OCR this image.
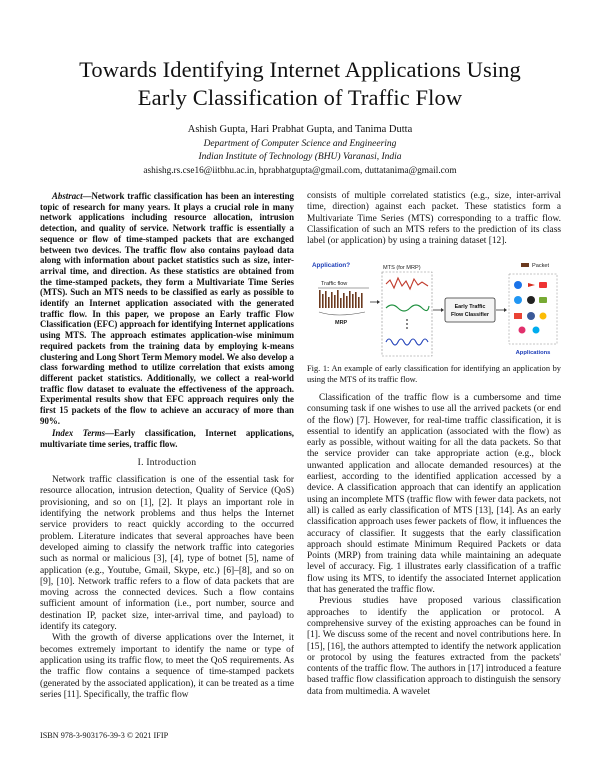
Towards Identifying Internet Applications Using
Early Classification of Traffic Flow
Ashish Gupta, Hari Prabhat Gupta, and Tanima Dutta
Department of Computer Science and Engineering
Indian Institute of Technology (BHU) Varanasi, India
ashishg.rs.cse16@iitbhu.ac.in, hprabhatgupta@gmail.com, duttatanima@gmail.com

Abstract—Network traffic classification has been an interesting topic of research for many years. It plays a crucial role in many network applications including resource allocation, intrusion detection, and quality of service. Network traffic is essentially a sequence or flow of time-stamped packets that are exchanged between two devices. The traffic flow also contains payload data along with information about packet statistics such as size, inter-arrival time, and direction. As these statistics are obtained from the time-stamped packets, they form a Multivariate Time Series (MTS). Such an MTS needs to be classified as early as possible to identify an Internet application associated with the generated traffic flow. In this paper, we propose an Early traffic Flow Classification (EFC) approach for identifying Internet applications using MTS. The approach estimates application-wise minimum required packets from the training data by employing k-means clustering and Long Short Term Memory model. We also develop a class forwarding method to utilize correlation that exists among different packet statistics. Additionally, we collect a real-world traffic flow dataset to evaluate the effectiveness of the approach. Experimental results show that EFC approach requires only the first 15 packets of the flow to achieve an accuracy of more than 90%.

Index Terms—Early classification, Internet applications, multivariate time series, traffic flow.

I. Introduction

Network traffic classification is one of the essential task for resource allocation, intrusion detection, Quality of Service (QoS) provisioning, and so on [1], [2]. It plays an important role in identifying the network problems and thus helps the Internet service providers to react quickly according to the occurred problem. Literature indicates that several approaches have been developed aiming to classify the network traffic into categories such as normal or malicious [3], [4], type of botnet [5], name of application (e.g., Youtube, Gmail, Skype, etc.) [6]–[8], and so on [9], [10]. Network traffic refers to a flow of data packets that are moving across the connected devices. Such a flow contains sufficient amount of information (i.e., port number, source and destination IP, packet size, inter-arrival time, and payload) to identify its category.

With the growth of diverse applications over the Internet, it becomes extremely important to identify the name or type of application using its traffic flow, to meet the QoS requirements. As the traffic flow contains a sequence of time-stamped packets (generated by the associated application), it can be treated as a time series [11]. Specifically, the traffic flow

consists of multiple correlated statistics (e.g., size, inter-arrival time, direction) against each packet. These statistics form a Multivariate Time Series (MTS) corresponding to a traffic flow. Classification of such an MTS refers to the prediction of its class label (or application) by using a training dataset [12].

Application?
Traffic flow
MRP
MTS (for MRP)
Early Traffic
Flow Classifier
Packet
Applications
Fig. 1: An example of early classification for identifying an application by using the MTS of its traffic flow.

Classification of the traffic flow is a cumbersome and time consuming task if one wishes to use all the arrived packets (or end of the flow) [7]. However, for real-time traffic classification, it is essential to identify an application (associated with the flow) as early as possible, without waiting for all the data packets. So that the service provider can take appropriate action (e.g., block unwanted application and allocate demanded resources) at the earliest, according to the identified application accessed by a device. A classification approach that can identify an application using an incomplete MTS (traffic flow with fewer data packets, not all) is called as early classification of MTS [13], [14]. As an early classification approach uses fewer packets of flow, it influences the accuracy of classifier. It suggests that the early classification approach should estimate Minimum Required Packets or data Points (MRP) from training data while maintaining an adequate level of accuracy. Fig. 1 illustrates early classification of a traffic flow using its MTS, to identify the associated Internet application that has generated the traffic flow.

Previous studies have proposed various classification approaches to identify the application or protocol. A comprehensive survey of the existing approaches can be found in [1]. We discuss some of the recent and novel contributions here. In [15], [16], the authors attempted to identify the network application or protocol by using the features extracted from the packets' contents of the traffic flow. The authors in [17] introduced a feature based traffic flow classification approach to distinguish the sensory data from multimedia. A wavelet

ISBN 978-3-903176-39-3 © 2021 IFIP
